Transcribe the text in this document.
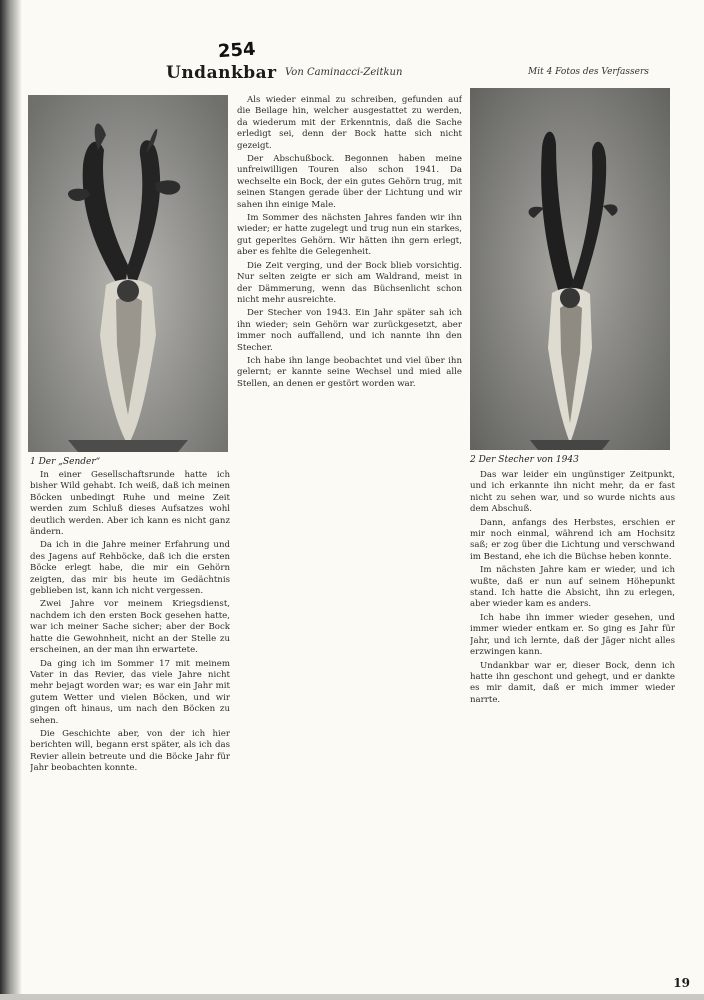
254
Undankbar Von Caminacci-Zeitkun	Mit 4 Fotos des Verfassers
1 Der „Sender“	2 Der Stecher von 1943

In einer Gesellschaftsrunde hatte ich bisher Wild gehabt. Ich weiß, daß ich meinen Böcken unbedingt Ruhe und meine Zeit werden zum Schluß dieses Aufsatzes wohl deutlich werden. Aber ich kann es nicht ganz ändern.

Da ich in die Jahre meiner Erfahrung und des Jagens auf Rehböcke, daß ich die ersten Böcke erlegt habe, die mir ein Gehörn zeigten, das mir bis heute im Gedächtnis geblieben ist, kann ich nicht vergessen.

Zwei Jahre vor meinem Kriegsdienst, nachdem ich den ersten Bock gesehen hatte, war ich meiner Sache sicher; aber der Bock hatte die Gewohnheit, nicht an der Stelle zu erscheinen, an der man ihn erwartete.

Da ging ich im Sommer 17 mit meinem Vater in das Revier, das viele Jahre nicht mehr bejagt worden war; es war ein Jahr mit gutem Wetter und vielen Böcken, und wir gingen oft hinaus, um nach den Böcken zu sehen.

Die Geschichte aber, von der ich hier berichten will, begann erst später, als ich das Revier allein betreute und die Böcke Jahr für Jahr beobachten konnte.

Als wieder einmal zu schreiben, gefunden auf die Beilage hin, welcher ausgestattet zu werden, da wiederum mit der Erkenntnis, daß die Sache erledigt sei, denn der Bock hatte sich nicht gezeigt.

Der Abschußbock. Begonnen haben meine unfreiwilligen Touren also schon 1941. Da wechselte ein Bock, der ein gutes Gehörn trug, mit seinen Stangen gerade über der Lichtung und wir sahen ihn einige Male.

Im Sommer des nächsten Jahres fanden wir ihn wieder; er hatte zugelegt und trug nun ein starkes, gut geperltes Gehörn. Wir hätten ihn gern erlegt, aber es fehlte die Gelegenheit.

Die Zeit verging, und der Bock blieb vorsichtig. Nur selten zeigte er sich am Waldrand, meist in der Dämmerung, wenn das Büchsenlicht schon nicht mehr ausreichte.

Der Stecher von 1943. Ein Jahr später sah ich ihn wieder; sein Gehörn war zurückgesetzt, aber immer noch auffallend, und ich nannte ihn den Stecher.

Ich habe ihn lange beobachtet und viel über ihn gelernt; er kannte seine Wechsel und mied alle Stellen, an denen er gestört worden war.

Das war leider ein ungünstiger Zeitpunkt, und ich erkannte ihn nicht mehr, da er fast nicht zu sehen war, und so wurde nichts aus dem Abschuß.

Dann, anfangs des Herbstes, erschien er mir noch einmal, während ich am Hochsitz saß; er zog über die Lichtung und verschwand im Bestand, ehe ich die Büchse heben konnte.

Im nächsten Jahre kam er wieder, und ich wußte, daß er nun auf seinem Höhepunkt stand. Ich hatte die Absicht, ihn zu erlegen, aber wieder kam es anders.

Ich habe ihn immer wieder gesehen, und immer wieder entkam er. So ging es Jahr für Jahr, und ich lernte, daß der Jäger nicht alles erzwingen kann.

Undankbar war er, dieser Bock, denn ich hatte ihn geschont und gehegt, und er dankte es mir damit, daß er mich immer wieder narrte.

19
